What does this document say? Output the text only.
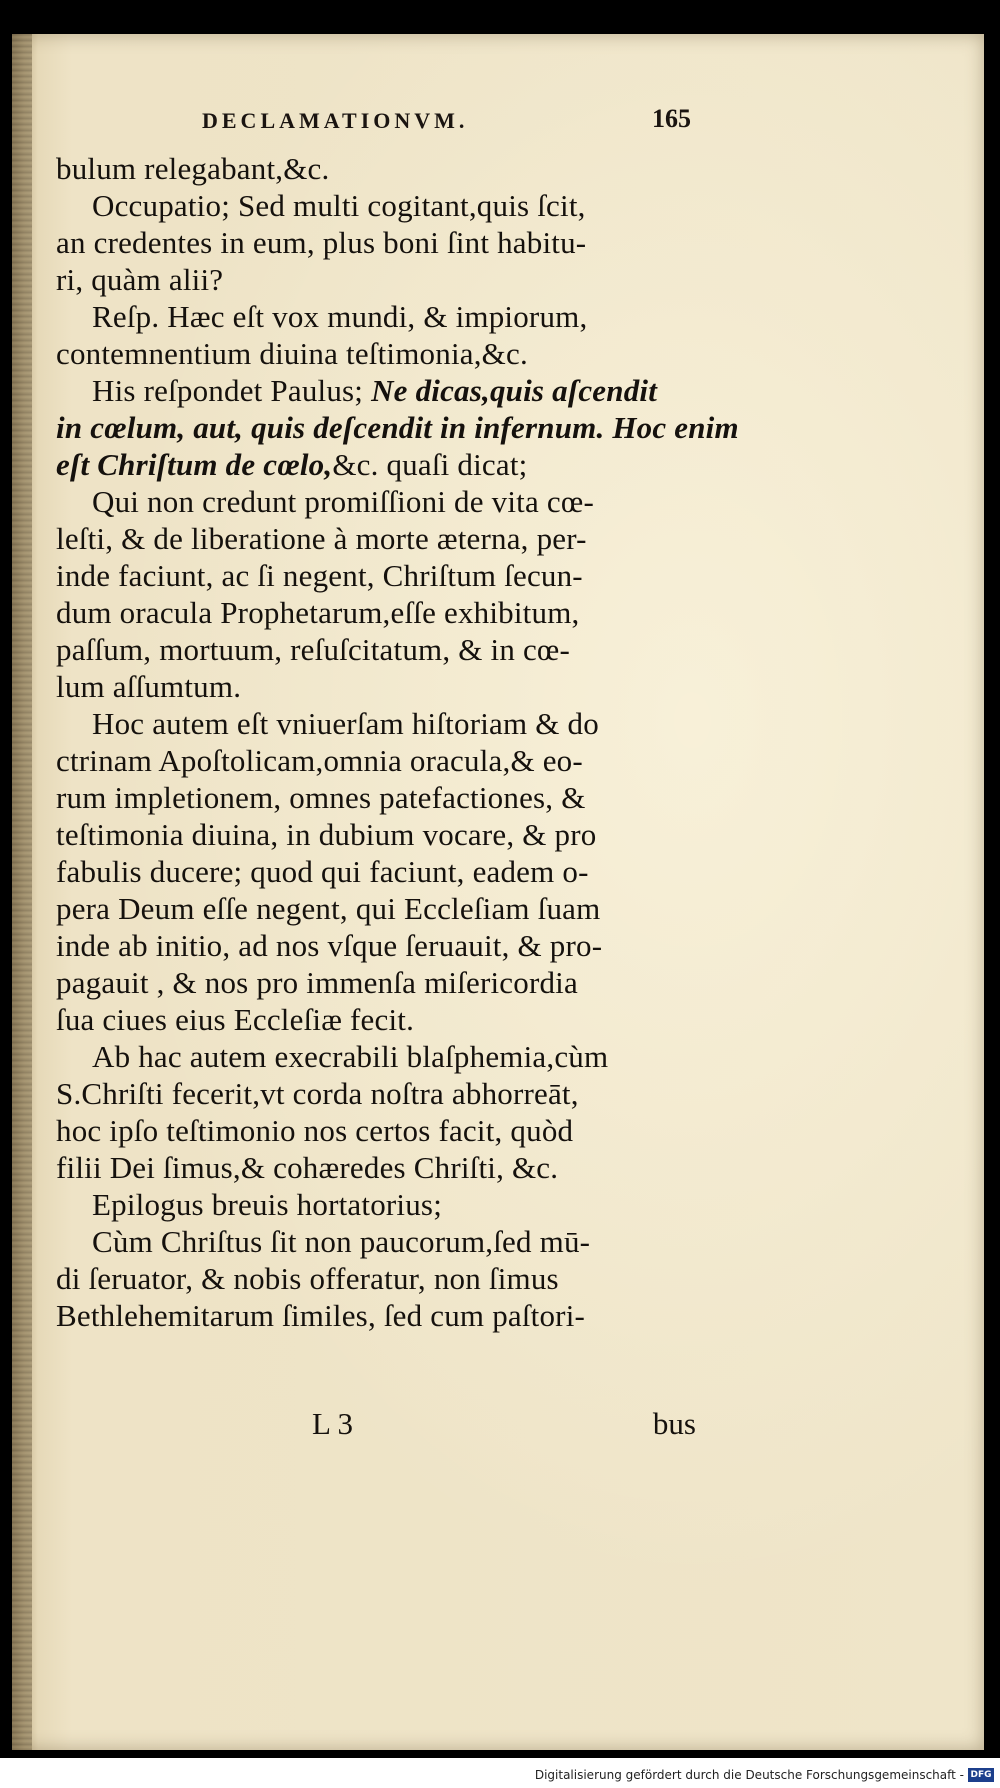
DECLAMATIONVM.	165
bulum relegabant,&c.
Occupatio; Sed multi cogitant,quis ſcit,
an credentes in eum, plus boni ſint habitu-
ri, quàm alii?
Reſp. Hæc eſt vox mundi, & impiorum,
contemnentium diuina teſtimonia,&c.
His reſpondet Paulus; Ne dicas,quis aſcendit
in cœlum, aut, quis deſcendit in infernum. Hoc enim
eſt Chriſtum de cœlo,&c. quaſi dicat;
Qui non credunt promiſſioni de vita cœ-
leſti, & de liberatione à morte æterna, per-
inde faciunt, ac ſi negent, Chriſtum ſecun-
dum oracula Prophetarum,eſſe exhibitum,
paſſum, mortuum, reſuſcitatum, & in cœ-
lum aſſumtum.
Hoc autem eſt vniuerſam hiſtoriam & do
ctrinam Apoſtolicam,omnia oracula,& eo-
rum impletionem, omnes patefactiones, &
teſtimonia diuina, in dubium vocare, & pro
fabulis ducere; quod qui faciunt, eadem o-
pera Deum eſſe negent, qui Eccleſiam ſuam
inde ab initio, ad nos vſque ſeruauit, & pro-
pagauit , & nos pro immenſa miſericordia
ſua ciues eius Eccleſiæ fecit.
Ab hac autem execrabili blaſphemia,cùm
S.Chriſti fecerit,vt corda noſtra abhorreāt,
hoc ipſo teſtimonio nos certos facit, quòd
filii Dei ſimus,& cohæredes Chriſti, &c.
Epilogus breuis hortatorius;
Cùm Chriſtus ſit non paucorum,ſed mū-
di ſeruator, & nobis offeratur, non ſimus
Bethlehemitarum ſimiles, ſed cum paſtori-
L 3	bus
Digitalisierung gefördert durch die Deutsche Forschungsgemeinschaft - DFG
